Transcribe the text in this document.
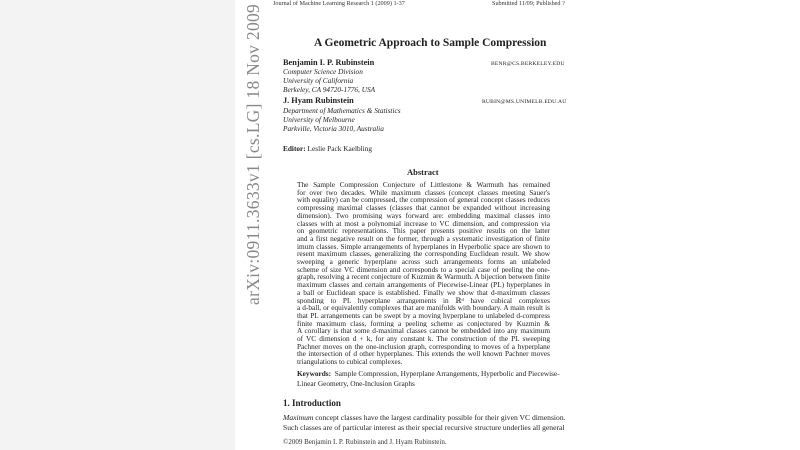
Journal of Machine Learning Research 1 (2009) 1-37	Submitted 11/09; Published ?
A Geometric Approach to Sample Compression
Benjamin I. P. Rubinstein	BENR@CS.BERKELEY.EDU
Computer Science Division
University of California
Berkeley, CA 94720-1776, USA
J. Hyam Rubinstein	RUBIN@MS.UNIMELB.EDU.AU
Department of Mathematics & Statistics
University of Melbourne
Parkville, Victoria 3010, Australia
Editor: Leslie Pack Kaelbling
Abstract
The Sample Compression Conjecture of Littlestone & Warmuth has remained
for over two decades. While maximum classes (concept classes meeting Sauer's
with equality) can be compressed, the compression of general concept classes reduces
compressing maximal classes (classes that cannot be expanded without increasing
dimension). Two promising ways forward are: embedding maximal classes into
classes with at most a polynomial increase to VC dimension, and compression via
on geometric representations. This paper presents positive results on the latter
and a first negative result on the former, through a systematic investigation of finite
imum classes. Simple arrangements of hyperplanes in Hyperbolic space are shown to
resent maximum classes, generalizing the corresponding Euclidean result. We show
sweeping a generic hyperplane across such arrangements forms an unlabeled
scheme of size VC dimension and corresponds to a special case of peeling the one-
graph, resolving a recent conjecture of Kuzmin & Warmuth. A bijection between finite
maximum classes and certain arrangements of Piecewise-Linear (PL) hyperplanes in
a ball or Euclidean space is established. Finally we show that d-maximum classes
sponding to PL hyperplane arrangements in ℝᵈ have cubical complexes
a d-ball, or equivalently complexes that are manifolds with boundary. A main result is
that PL arrangements can be swept by a moving hyperplane to unlabeled d-compress
finite maximum class, forming a peeling scheme as conjectured by Kuzmin &
A corollary is that some d-maximal classes cannot be embedded into any maximum
of VC dimension d + k, for any constant k. The construction of the PL sweeping
Pachner moves on the one-inclusion graph, corresponding to moves of a hyperplane
the intersection of d other hyperplanes. This extends the well known Pachner moves
triangulations to cubical complexes.
Keywords: Sample Compression, Hyperplane Arrangements, Hyperbolic and Piecewise-
Linear Geometry, One-Inclusion Graphs
1. Introduction
Maximum concept classes have the largest cardinality possible for their given VC dimension.
Such classes are of particular interest as their special recursive structure underlies all general
©2009 Benjamin I. P. Rubinstein and J. Hyam Rubinstein.
arXiv:0911.3633v1 [cs.LG] 18 Nov 2009
